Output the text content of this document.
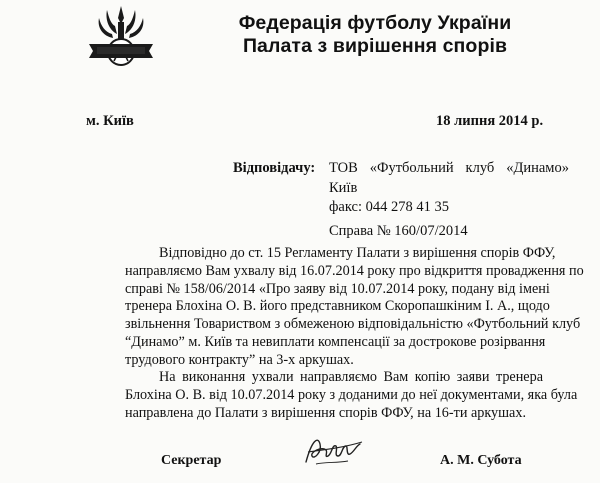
Федерація футболу України
Палата з вирішення спорів
м. Київ	18 липня 2014 р.
Відповідачу: ТОВ «Футбольний клуб «Динамо»
Київ
факс: 044 278 41 35
Справа № 160/07/2014
Відповідно до ст. 15 Регламенту Палати з вирішення спорів ФФУ,
направляємо Вам ухвалу від 16.07.2014 року про відкриття провадження по
справі № 158/06/2014 «Про заяву від 10.07.2014 року, подану від імені
тренера Блохіна О. В. його представником Скоропашкіним І. А., щодо
звільнення Товариством з обмеженою відповідальністю «Футбольний клуб
“Динамо” м. Київ та невиплати компенсації за дострокове розірвання
трудового контракту” на 3-х аркушах.
На виконання ухвали направляємо Вам копію заяви тренера
Блохіна О. В. від 10.07.2014 року з доданими до неї документами, яка була
направлена до Палати з вирішення спорів ФФУ, на 16-ти аркушах.
Секретар	А. М. Субота
